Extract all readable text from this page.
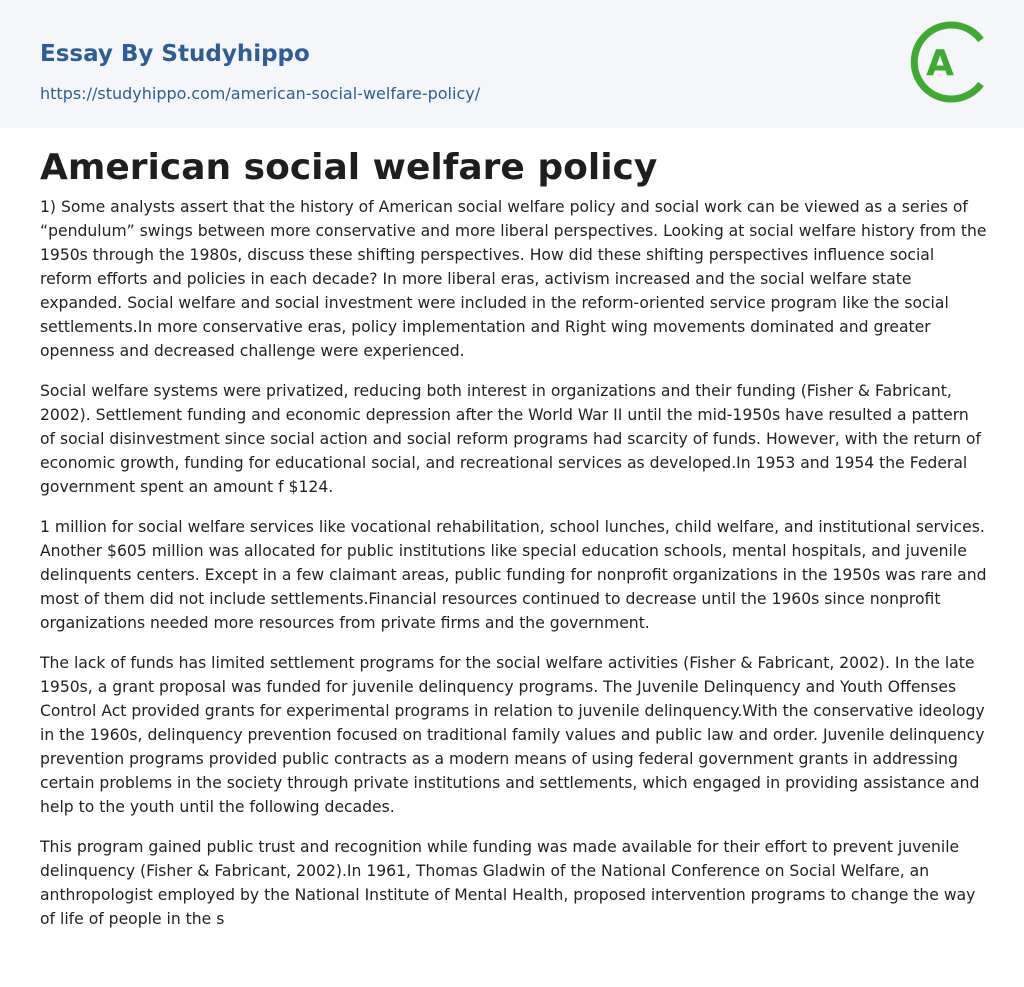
Essay By Studyhippo
https://studyhippo.com/american-social-welfare-policy/
A
American social welfare policy

1) Some analysts assert that the history of American social welfare policy and social work can be viewed as a series of “pendulum” swings between more conservative and more liberal perspectives. Looking at social welfare history from the 1950s through the 1980s, discuss these shifting perspectives. How did these shifting perspectives influence social reform efforts and policies in each decade? In more liberal eras, activism increased and the social welfare state expanded. Social welfare and social investment were included in the reform-oriented service program like the social settlements.In more conservative eras, policy implementation and Right wing movements dominated and greater openness and decreased challenge were experienced.

Social welfare systems were privatized, reducing both interest in organizations and their funding (Fisher & Fabricant, 2002). Settlement funding and economic depression after the World War II until the mid-1950s have resulted a pattern of social disinvestment since social action and social reform programs had scarcity of funds. However, with the return of economic growth, funding for educational social, and recreational services as developed.In 1953 and 1954 the Federal government spent an amount f $124.

1 million for social welfare services like vocational rehabilitation, school lunches, child welfare, and institutional services. Another $605 million was allocated for public institutions like special education schools, mental hospitals, and juvenile delinquents centers. Except in a few claimant areas, public funding for nonprofit organizations in the 1950s was rare and most of them did not include settlements.Financial resources continued to decrease until the 1960s since nonprofit organizations needed more resources from private firms and the government.

The lack of funds has limited settlement programs for the social welfare activities (Fisher & Fabricant, 2002). In the late 1950s, a grant proposal was funded for juvenile delinquency programs. The Juvenile Delinquency and Youth Offenses Control Act provided grants for experimental programs in relation to juvenile delinquency.With the conservative ideology in the 1960s, delinquency prevention focused on traditional family values and public law and order. Juvenile delinquency prevention programs provided public contracts as a modern means of using federal government grants in addressing certain problems in the society through private institutions and settlements, which engaged in providing assistance and help to the youth until the following decades.

This program gained public trust and recognition while funding was made available for their effort to prevent juvenile delinquency (Fisher & Fabricant, 2002).In 1961, Thomas Gladwin of the National Conference on Social Welfare, an anthropologist employed by the National Institute of Mental Health, proposed intervention programs to change the way of life of people in the s
